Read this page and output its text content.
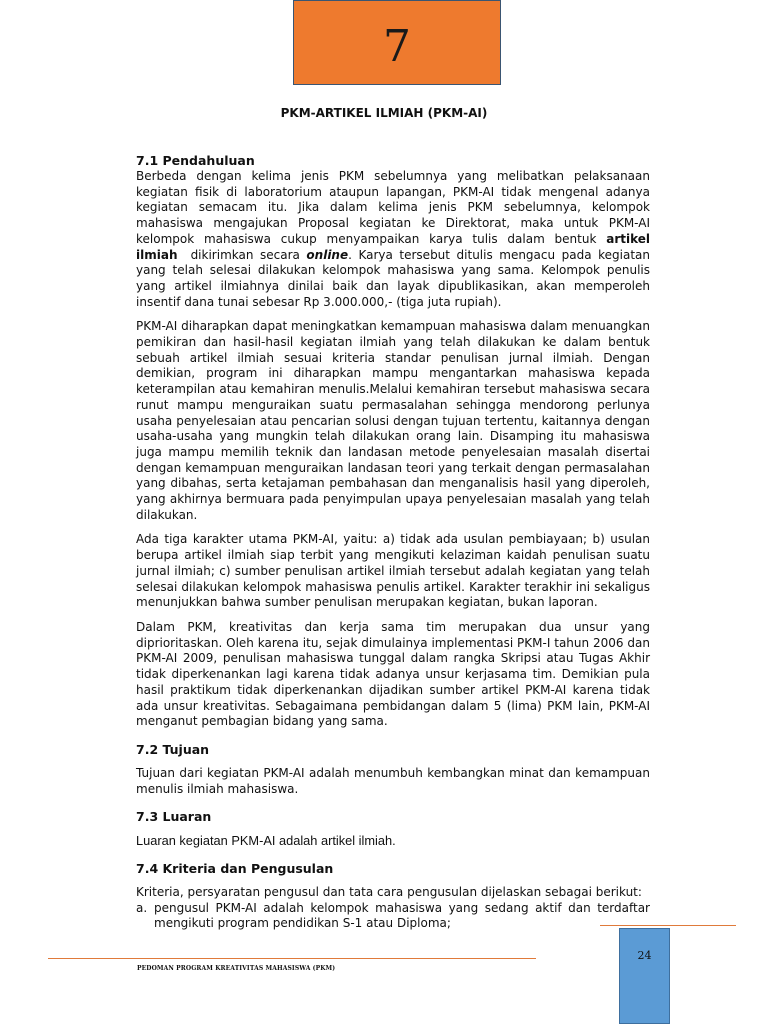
7
PKM-ARTIKEL ILMIAH (PKM-AI)
7.1 Pendahuluan

Berbeda dengan kelima jenis PKM sebelumnya yang melibatkan pelaksanaan kegiatan fisik di laboratorium ataupun lapangan, PKM-AI tidak mengenal adanya kegiatan semacam itu. Jika dalam kelima jenis PKM sebelumnya, kelompok mahasiswa mengajukan Proposal kegiatan ke Direktorat, maka untuk PKM-AI kelompok mahasiswa cukup menyampaikan karya tulis dalam bentuk artikel ilmiah dikirimkan secara online. Karya tersebut ditulis mengacu pada kegiatan yang telah selesai dilakukan kelompok mahasiswa yang sama. Kelompok penulis yang artikel ilmiahnya dinilai baik dan layak dipublikasikan, akan memperoleh insentif dana tunai sebesar Rp 3.000.000,- (tiga juta rupiah).

PKM-AI diharapkan dapat meningkatkan kemampuan mahasiswa dalam menuangkan pemikiran dan hasil-hasil kegiatan ilmiah yang telah dilakukan ke dalam bentuk sebuah artikel ilmiah sesuai kriteria standar penulisan jurnal ilmiah. Dengan demikian, program ini diharapkan mampu mengantarkan mahasiswa kepada keterampilan atau kemahiran menulis.Melalui kemahiran tersebut mahasiswa secara runut mampu menguraikan suatu permasalahan sehingga mendorong perlunya usaha penyelesaian atau pencarian solusi dengan tujuan tertentu, kaitannya dengan usaha-usaha yang mungkin telah dilakukan orang lain. Disamping itu mahasiswa juga mampu memilih teknik dan landasan metode penyelesaian masalah disertai dengan kemampuan menguraikan landasan teori yang terkait dengan permasalahan yang dibahas, serta ketajaman pembahasan dan menganalisis hasil yang diperoleh, yang akhirnya bermuara pada penyimpulan upaya penyelesaian masalah yang telah dilakukan.

Ada tiga karakter utama PKM-AI, yaitu: a) tidak ada usulan pembiayaan; b) usulan berupa artikel ilmiah siap terbit yang mengikuti kelaziman kaidah penulisan suatu jurnal ilmiah; c) sumber penulisan artikel ilmiah tersebut adalah kegiatan yang telah selesai dilakukan kelompok mahasiswa penulis artikel. Karakter terakhir ini sekaligus menunjukkan bahwa sumber penulisan merupakan kegiatan, bukan laporan.

Dalam PKM, kreativitas dan kerja sama tim merupakan dua unsur yang diprioritaskan. Oleh karena itu, sejak dimulainya implementasi PKM-I tahun 2006 dan PKM-AI 2009, penulisan mahasiswa tunggal dalam rangka Skripsi atau Tugas Akhir tidak diperkenankan lagi karena tidak adanya unsur kerjasama tim. Demikian pula hasil praktikum tidak diperkenankan dijadikan sumber artikel PKM-AI karena tidak ada unsur kreativitas. Sebagaimana pembidangan dalam 5 (lima) PKM lain, PKM-AI menganut pembagian bidang yang sama.

7.2 Tujuan

Tujuan dari kegiatan PKM-AI adalah menumbuh kembangkan minat dan kemampuan menulis ilmiah mahasiswa.

7.3 Luaran

Luaran kegiatan PKM-AI adalah artikel ilmiah.

7.4 Kriteria dan Pengusulan

Kriteria, persyaratan pengusul dan tata cara pengusulan dijelaskan sebagai berikut:

a. pengusul PKM-AI adalah kelompok mahasiswa yang sedang aktif dan terdaftar mengikuti program pendidikan S-1 atau Diploma;
PEDOMAN PROGRAM KREATIVITAS MAHASISWA (PKM)
24
